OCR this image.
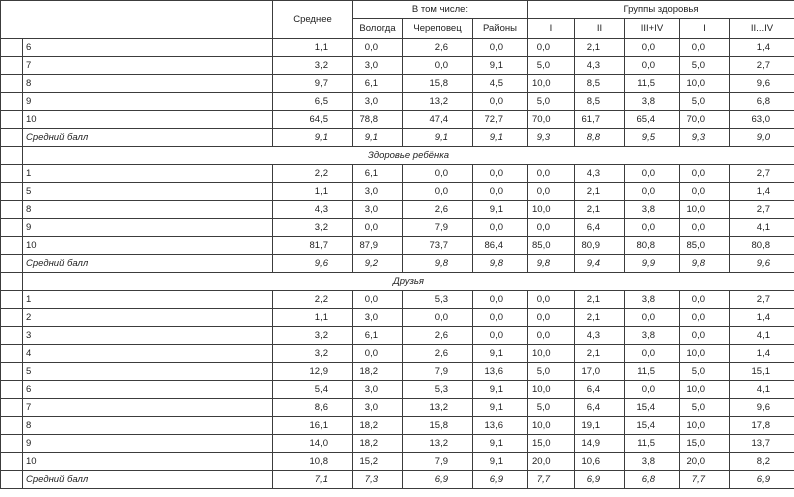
		Среднее	В том числе:			Группы здоровья				
			Вологда	Череповец	Районы	I	II	III+IV	I	II...IV
	6	1,1	0,0	2,6	0,0	0,0	2,1	0,0	0,0	1,4
	7	3,2	3,0	0,0	9,1	5,0	4,3	0,0	5,0	2,7
	8	9,7	6,1	15,8	4,5	10,0	8,5	11,5	10,0	9,6
	9	6,5	3,0	13,2	0,0	5,0	8,5	3,8	5,0	6,8
	10	64,5	78,8	47,4	72,7	70,0	61,7	65,4	70,0	63,0
	Средний балл	9,1	9,1	9,1	9,1	9,3	8,8	9,5	9,3	9,0
	Здоровье ребёнка									
	1	2,2	6,1	0,0	0,0	0,0	4,3	0,0	0,0	2,7
	5	1,1	3,0	0,0	0,0	0,0	2,1	0,0	0,0	1,4
	8	4,3	3,0	2,6	9,1	10,0	2,1	3,8	10,0	2,7
	9	3,2	0,0	7,9	0,0	0,0	6,4	0,0	0,0	4,1
	10	81,7	87,9	73,7	86,4	85,0	80,9	80,8	85,0	80,8
	Средний балл	9,6	9,2	9,8	9,8	9,8	9,4	9,9	9,8	9,6
	Друзья									
	1	2,2	0,0	5,3	0,0	0,0	2,1	3,8	0,0	2,7
	2	1,1	3,0	0,0	0,0	0,0	2,1	0,0	0,0	1,4
	3	3,2	6,1	2,6	0,0	0,0	4,3	3,8	0,0	4,1
	4	3,2	0,0	2,6	9,1	10,0	2,1	0,0	10,0	1,4
	5	12,9	18,2	7,9	13,6	5,0	17,0	11,5	5,0	15,1
	6	5,4	3,0	5,3	9,1	10,0	6,4	0,0	10,0	4,1
	7	8,6	3,0	13,2	9,1	5,0	6,4	15,4	5,0	9,6
	8	16,1	18,2	15,8	13,6	10,0	19,1	15,4	10,0	17,8
	9	14,0	18,2	13,2	9,1	15,0	14,9	11,5	15,0	13,7
	10	10,8	15,2	7,9	9,1	20,0	10,6	3,8	20,0	8,2
	Средний балл	7,1	7,3	6,9	6,9	7,7	6,9	6,8	7,7	6,9
